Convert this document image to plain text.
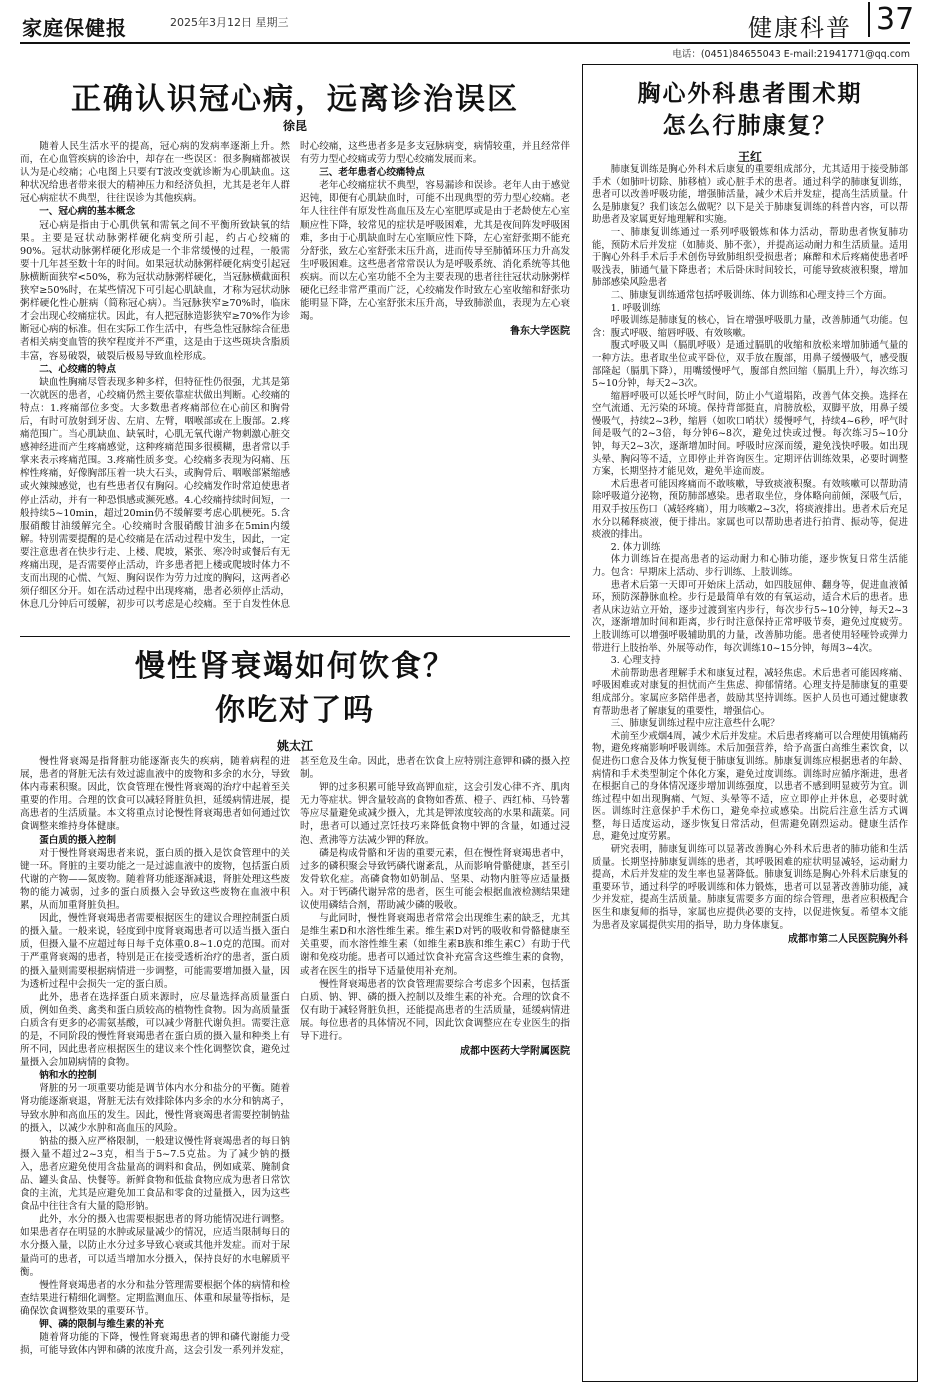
家庭保健报	2025年3月12日 星期三	健康科普 37
电话：(0451)84655043 E-mail:21941771@qq.com
正确认识冠心病，远离诊治误区
徐昆

随着人民生活水平的提高，冠心病的发病率逐渐上升。然而，在心血管疾病的诊治中，却存在一些误区：很多胸痛都被误认为是心绞痛；心电图上只要有T波改变就诊断为心肌缺血。这种状况给患者带来很大的精神压力和经济负担，尤其是老年人群冠心病症状不典型，往往误诊为其他疾病。

一、冠心病的基本概念

冠心病是指由于心肌供氧和需氧之间不平衡所致缺氧的结果。主要是冠状动脉粥样硬化病变所引起，约占心绞痛的90%。冠状动脉粥样硬化形成是一个非常缓慢的过程，一般需要十几年甚至数十年的时间。如果冠状动脉粥样硬化病变引起冠脉横断面狭窄<50%，称为冠状动脉粥样硬化，当冠脉横截面积狭窄≥50%时，在某些情况下可引起心肌缺血，才称为冠状动脉粥样硬化性心脏病（简称冠心病）。当冠脉狭窄≥70%时，临床才会出现心绞痛症状。因此，有人把冠脉造影狭窄≥70%作为诊断冠心病的标准。但在实际工作生活中，有些急性冠脉综合征患者相关病变血管的狭窄程度并不严重，这是由于这些斑块含脂质丰富，容易破裂，破裂后极易导致血栓形成。

二、心绞痛的特点

缺血性胸痛尽管表现多种多样，但特征性仍很强，尤其是第一次就医的患者，心绞痛仍然主要依靠症状做出判断。心绞痛的特点：1.疼痛部位多变。大多数患者疼痛部位在心前区和胸骨后，有时可放射到牙齿、左肩、左臂，咽喉部或在上腹部。2.疼痛范围广。当心肌缺血、缺氧时，心肌无氧代谢产物刺激心脏交感神经进而产生疼痛感觉，这种疼痛范围多很模糊，患者常以手掌来表示疼痛范围。3.疼痛性质多变。心绞痛多表现为闷痛、压榨性疼痛，好像胸部压着一块大石头，或胸骨后、咽喉部紧缩感或火辣辣感觉，也有些患者仅有胸闷。心绞痛发作时常迫使患者停止活动，并有一种恐惧感或濒死感。4.心绞痛持续时间短，一般持续5~10min，超过20min仍不缓解要考虑心肌梗死。5.含服硝酸甘油缓解完全。心绞痛时含服硝酸甘油多在5min内缓解。特别需要提醒的是心绞痛是在活动过程中发生，因此，一定要注意患者在快步行走、上楼、爬坡，紧张、寒冷时或餐后有无疼痛出现，是否需要停止活动，许多患者把上楼或爬坡时体力不支而出现的心慌、气短、胸闷误作为劳力过度的胸闷，这两者必须仔细区分开。如在活动过程中出现疼痛，患者必须停止活动，休息几分钟后可缓解，初步可以考虑是心绞痛。至于自发性休息时心绞痛，这些患者多是多支冠脉病变，病情较重，并且经常伴有劳力型心绞痛或劳力型心绞痛发展而来。

三、老年患者心绞痛特点

老年心绞痛症状不典型，容易漏诊和误诊。老年人由于感觉迟钝，即便有心肌缺血时，可能不出现典型的劳力型心绞痛。老年人往往伴有原发性高血压及左心室肥厚或是由于老龄使左心室顺应性下降，较常见的症状是呼吸困难，尤其是夜间阵发呼吸困难，多由于心肌缺血时左心室顺应性下降，左心室舒张期不能充分舒张，致左心室舒张末压升高，进而传导至肺循环压力升高发生呼吸困难。这些患者常常误认为是呼吸系统、消化系统等其他疾病。而以左心室功能不全为主要表现的患者往往冠状动脉粥样硬化已经非常严重而广泛，心绞痛发作时致左心室收缩和舒张功能明显下降，左心室舒张末压升高，导致肺淤血，表现为左心衰竭。

鲁东大学医院
慢性肾衰竭如何饮食？
你吃对了吗
姚太江

慢性肾衰竭是指肾脏功能逐渐丧失的疾病，随着病程的进展，患者的肾脏无法有效过滤血液中的废物和多余的水分，导致体内毒素积聚。因此，饮食管理在慢性肾衰竭的治疗中起着至关重要的作用。合理的饮食可以减轻肾脏负担，延缓病情进展，提高患者的生活质量。本文将重点讨论慢性肾衰竭患者如何通过饮食调整来维持身体健康。

蛋白质的摄入控制

对于慢性肾衰竭患者来说，蛋白质的摄入是饮食管理中的关键一环。肾脏的主要功能之一是过滤血液中的废物，包括蛋白质代谢的产物——氮废物。随着肾功能逐渐减退，肾脏处理这些废物的能力减弱，过多的蛋白质摄入会导致这些废物在血液中积累，从而加重肾脏负担。

因此，慢性肾衰竭患者需要根据医生的建议合理控制蛋白质的摄入量。一般来说，轻度到中度肾衰竭患者可以适当摄入蛋白质，但摄入量不应超过每日每千克体重0.8~1.0克的范围。而对于严重肾衰竭的患者，特别是正在接受透析治疗的患者，蛋白质的摄入量则需要根据病情进一步调整，可能需要增加摄入量，因为透析过程中会损失一定的蛋白质。

此外，患者在选择蛋白质来源时，应尽量选择高质量蛋白质，例如鱼类、禽类和蛋白质较高的植物性食物。因为高质量蛋白质含有更多的必需氨基酸，可以减少肾脏代谢负担。需要注意的是，不同阶段的慢性肾衰竭患者在蛋白质的摄入量和种类上有所不同，因此患者应根据医生的建议来个性化调整饮食，避免过量摄入会加剧病情的食物。

钠和水的控制

肾脏的另一项重要功能是调节体内水分和盐分的平衡。随着肾功能逐渐衰退，肾脏无法有效排除体内多余的水分和钠离子，导致水肿和高血压的发生。因此，慢性肾衰竭患者需要控制钠盐的摄入，以减少水肿和高血压的风险。

钠盐的摄入应严格限制，一般建议慢性肾衰竭患者的每日钠摄入量不超过2~3克，相当于5~7.5克盐。为了减少钠的摄入，患者应避免使用含盐量高的调料和食品，例如咸菜、腌制食品、罐头食品、快餐等。新鲜食物和低盐食物应成为患者日常饮食的主流，尤其是应避免加工食品和零食的过量摄入，因为这些食品中往往含有大量的隐形钠。

此外，水分的摄入也需要根据患者的肾功能情况进行调整。如果患者存在明显的水肿或尿量减少的情况，应适当限制每日的水分摄入量，以防止水分过多导致心衰或其他并发症。而对于尿量尚可的患者，可以适当增加水分摄入，保持良好的水电解质平衡。

慢性肾衰竭患者的水分和盐分管理需要根据个体的病情和检查结果进行精细化调整。定期监测血压、体重和尿量等指标，是确保饮食调整效果的重要环节。

钾、磷的限制与维生素的补充

随着肾功能的下降，慢性肾衰竭患者的钾和磷代谢能力受损，可能导致体内钾和磷的浓度升高，这会引发一系列并发症，甚至危及生命。因此，患者在饮食上应特别注意钾和磷的摄入控制。

钾的过多积累可能导致高钾血症，这会引发心律不齐、肌肉无力等症状。钾含量较高的食物如香蕉、橙子、西红柿、马铃薯等应尽量避免或减少摄入，尤其是钾浓度较高的水果和蔬菜。同时，患者可以通过烹饪技巧来降低食物中钾的含量，如通过浸泡、煮沸等方法减少钾的释放。

磷是构成骨骼和牙齿的重要元素，但在慢性肾衰竭患者中，过多的磷积聚会导致钙磷代谢紊乱，从而影响骨骼健康，甚至引发骨软化症。高磷食物如奶制品、坚果、动物内脏等应适量摄入。对于钙磷代谢异常的患者，医生可能会根据血液检测结果建议使用磷结合剂，帮助减少磷的吸收。

与此同时，慢性肾衰竭患者常常会出现维生素的缺乏，尤其是维生素D和水溶性维生素。维生素D对钙的吸收和骨骼健康至关重要，而水溶性维生素（如维生素B族和维生素C）有助于代谢和免疫功能。患者可以通过饮食补充富含这些维生素的食物，或者在医生的指导下适量使用补充剂。

慢性肾衰竭患者的饮食管理需要综合考虑多个因素，包括蛋白质、钠、钾、磷的摄入控制以及维生素的补充。合理的饮食不仅有助于减轻肾脏负担，还能提高患者的生活质量，延缓病情进展。每位患者的具体情况不同，因此饮食调整应在专业医生的指导下进行。

成都中医药大学附属医院
胸心外科患者围术期
怎么行肺康复？
王红

肺康复训练是胸心外科术后康复的重要组成部分，尤其适用于接受肺部手术（如肺叶切除、肺移植）或心脏手术的患者。通过科学的肺康复训练，患者可以改善呼吸功能，增强肺活量，减少术后并发症，提高生活质量。什么是肺康复？我们该怎么做呢？以下是关于肺康复训练的科普内容，可以帮助患者及家属更好地理解和实施。

一、肺康复训练通过一系列呼吸锻炼和体力活动，帮助患者恢复肺功能，预防术后并发症（如肺炎、肺不张），并提高运动耐力和生活质量。适用于胸心外科手术后手术创伤导致肺组织受损患者；麻醉和术后疼痛使患者呼吸浅表，肺通气量下降患者；术后卧床时间较长，可能导致痰液积聚，增加肺部感染风险患者

二、肺康复训练通常包括呼吸训练、体力训练和心理支持三个方面。

1. 呼吸训练

呼吸训练是肺康复的核心，旨在增强呼吸肌力量，改善肺通气功能。包含：腹式呼吸、缩唇呼吸、有效咳嗽。

腹式呼吸又叫（膈肌呼吸）是通过膈肌的收缩和放松来增加肺通气量的一种方法。患者取坐位或平卧位，双手放在腹部，用鼻子缓慢吸气，感受腹部隆起（膈肌下降），用嘴缓慢呼气，腹部自然回缩（膈肌上升），每次练习5~10分钟，每天2~3次。

缩唇呼吸可以延长呼气时间，防止小气道塌陷，改善气体交换。选择在空气流通、无污染的环境。保持背部挺直，肩膀放松，双脚平放，用鼻子缓慢吸气，持续2~3秒，缩唇（如吹口哨状）缓慢呼气，持续4~6秒，呼气时间是吸气的2~3倍，每分钟6~8次，避免过快或过慢。每次练习5~10分钟，每天2~3次，逐渐增加时间。呼吸时应深而缓，避免浅快呼吸。如出现头晕、胸闷等不适，立即停止并咨询医生。定期评估训练效果，必要时调整方案，长期坚持才能见效，避免半途而废。

术后患者可能因疼痛而不敢咳嗽，导致痰液积聚。有效咳嗽可以帮助清除呼吸道分泌物，预防肺部感染。患者取坐位，身体略向前倾，深吸气后，用双手按压伤口（减轻疼痛），用力咳嗽2~3次，将痰液排出。患者术后充足水分以稀释痰液，便于排出。家属也可以帮助患者进行拍背、振动等，促进痰液的排出。

2. 体力训练

体力训练旨在提高患者的运动耐力和心肺功能，逐步恢复日常生活能力。包含：早期床上活动、步行训练、上肢训练。

患者术后第一天即可开始床上活动，如四肢屈伸、翻身等，促进血液循环，预防深静脉血栓。步行是最简单有效的有氧运动，适合术后的患者。患者从床边站立开始，逐步过渡到室内步行，每次步行5~10分钟，每天2~3次，逐渐增加时间和距离，步行时注意保持正常呼吸节奏，避免过度疲劳。上肢训练可以增强呼吸辅助肌的力量，改善肺功能。患者使用轻哑铃或弹力带进行上肢抬举、外展等动作，每次训练10~15分钟，每周3~4次。

3. 心理支持

术前帮助患者理解手术和康复过程，减轻焦虑。术后患者可能因疼痛、呼吸困难或对康复的担忧而产生焦虑、抑郁情绪。心理支持是肺康复的重要组成部分。家属应多陪伴患者，鼓励其坚持训练。医护人员也可通过健康教育帮助患者了解康复的重要性，增强信心。

三、肺康复训练过程中应注意些什么呢？

术前至少戒烟4周，减少术后并发症。术后患者疼痛可以合理使用镇痛药物，避免疼痛影响呼吸训练。术后加强营养，给予高蛋白高维生素饮食，以促进伤口愈合及体力恢复便于肺康复训练。肺康复训练应根据患者的年龄、病情和手术类型制定个体化方案，避免过度训练。训练时应循序渐进，患者在根据自己的身体情况逐步增加训练强度，以患者不感到明显疲劳为宜。训练过程中如出现胸痛、气短、头晕等不适，应立即停止并休息，必要时就医。训练时注意保护手术伤口，避免牵拉或感染。出院后注意生活方式调整，每日适度运动，逐步恢复日常活动，但需避免剧烈运动。健康生活作息，避免过度劳累。

研究表明，肺康复训练可以显著改善胸心外科术后患者的肺功能和生活质量。长期坚持肺康复训练的患者，其呼吸困难的症状明显减轻，运动耐力提高，术后并发症的发生率也显著降低。肺康复训练是胸心外科术后康复的重要环节，通过科学的呼吸训练和体力锻炼，患者可以显著改善肺功能，减少并发症，提高生活质量。肺康复需要多方面的综合管理，患者应积极配合医生和康复师的指导，家属也应提供必要的支持，以促进恢复。希望本文能为患者及家属提供实用的指导，助力身体康复。

成都市第二人民医院胸外科
